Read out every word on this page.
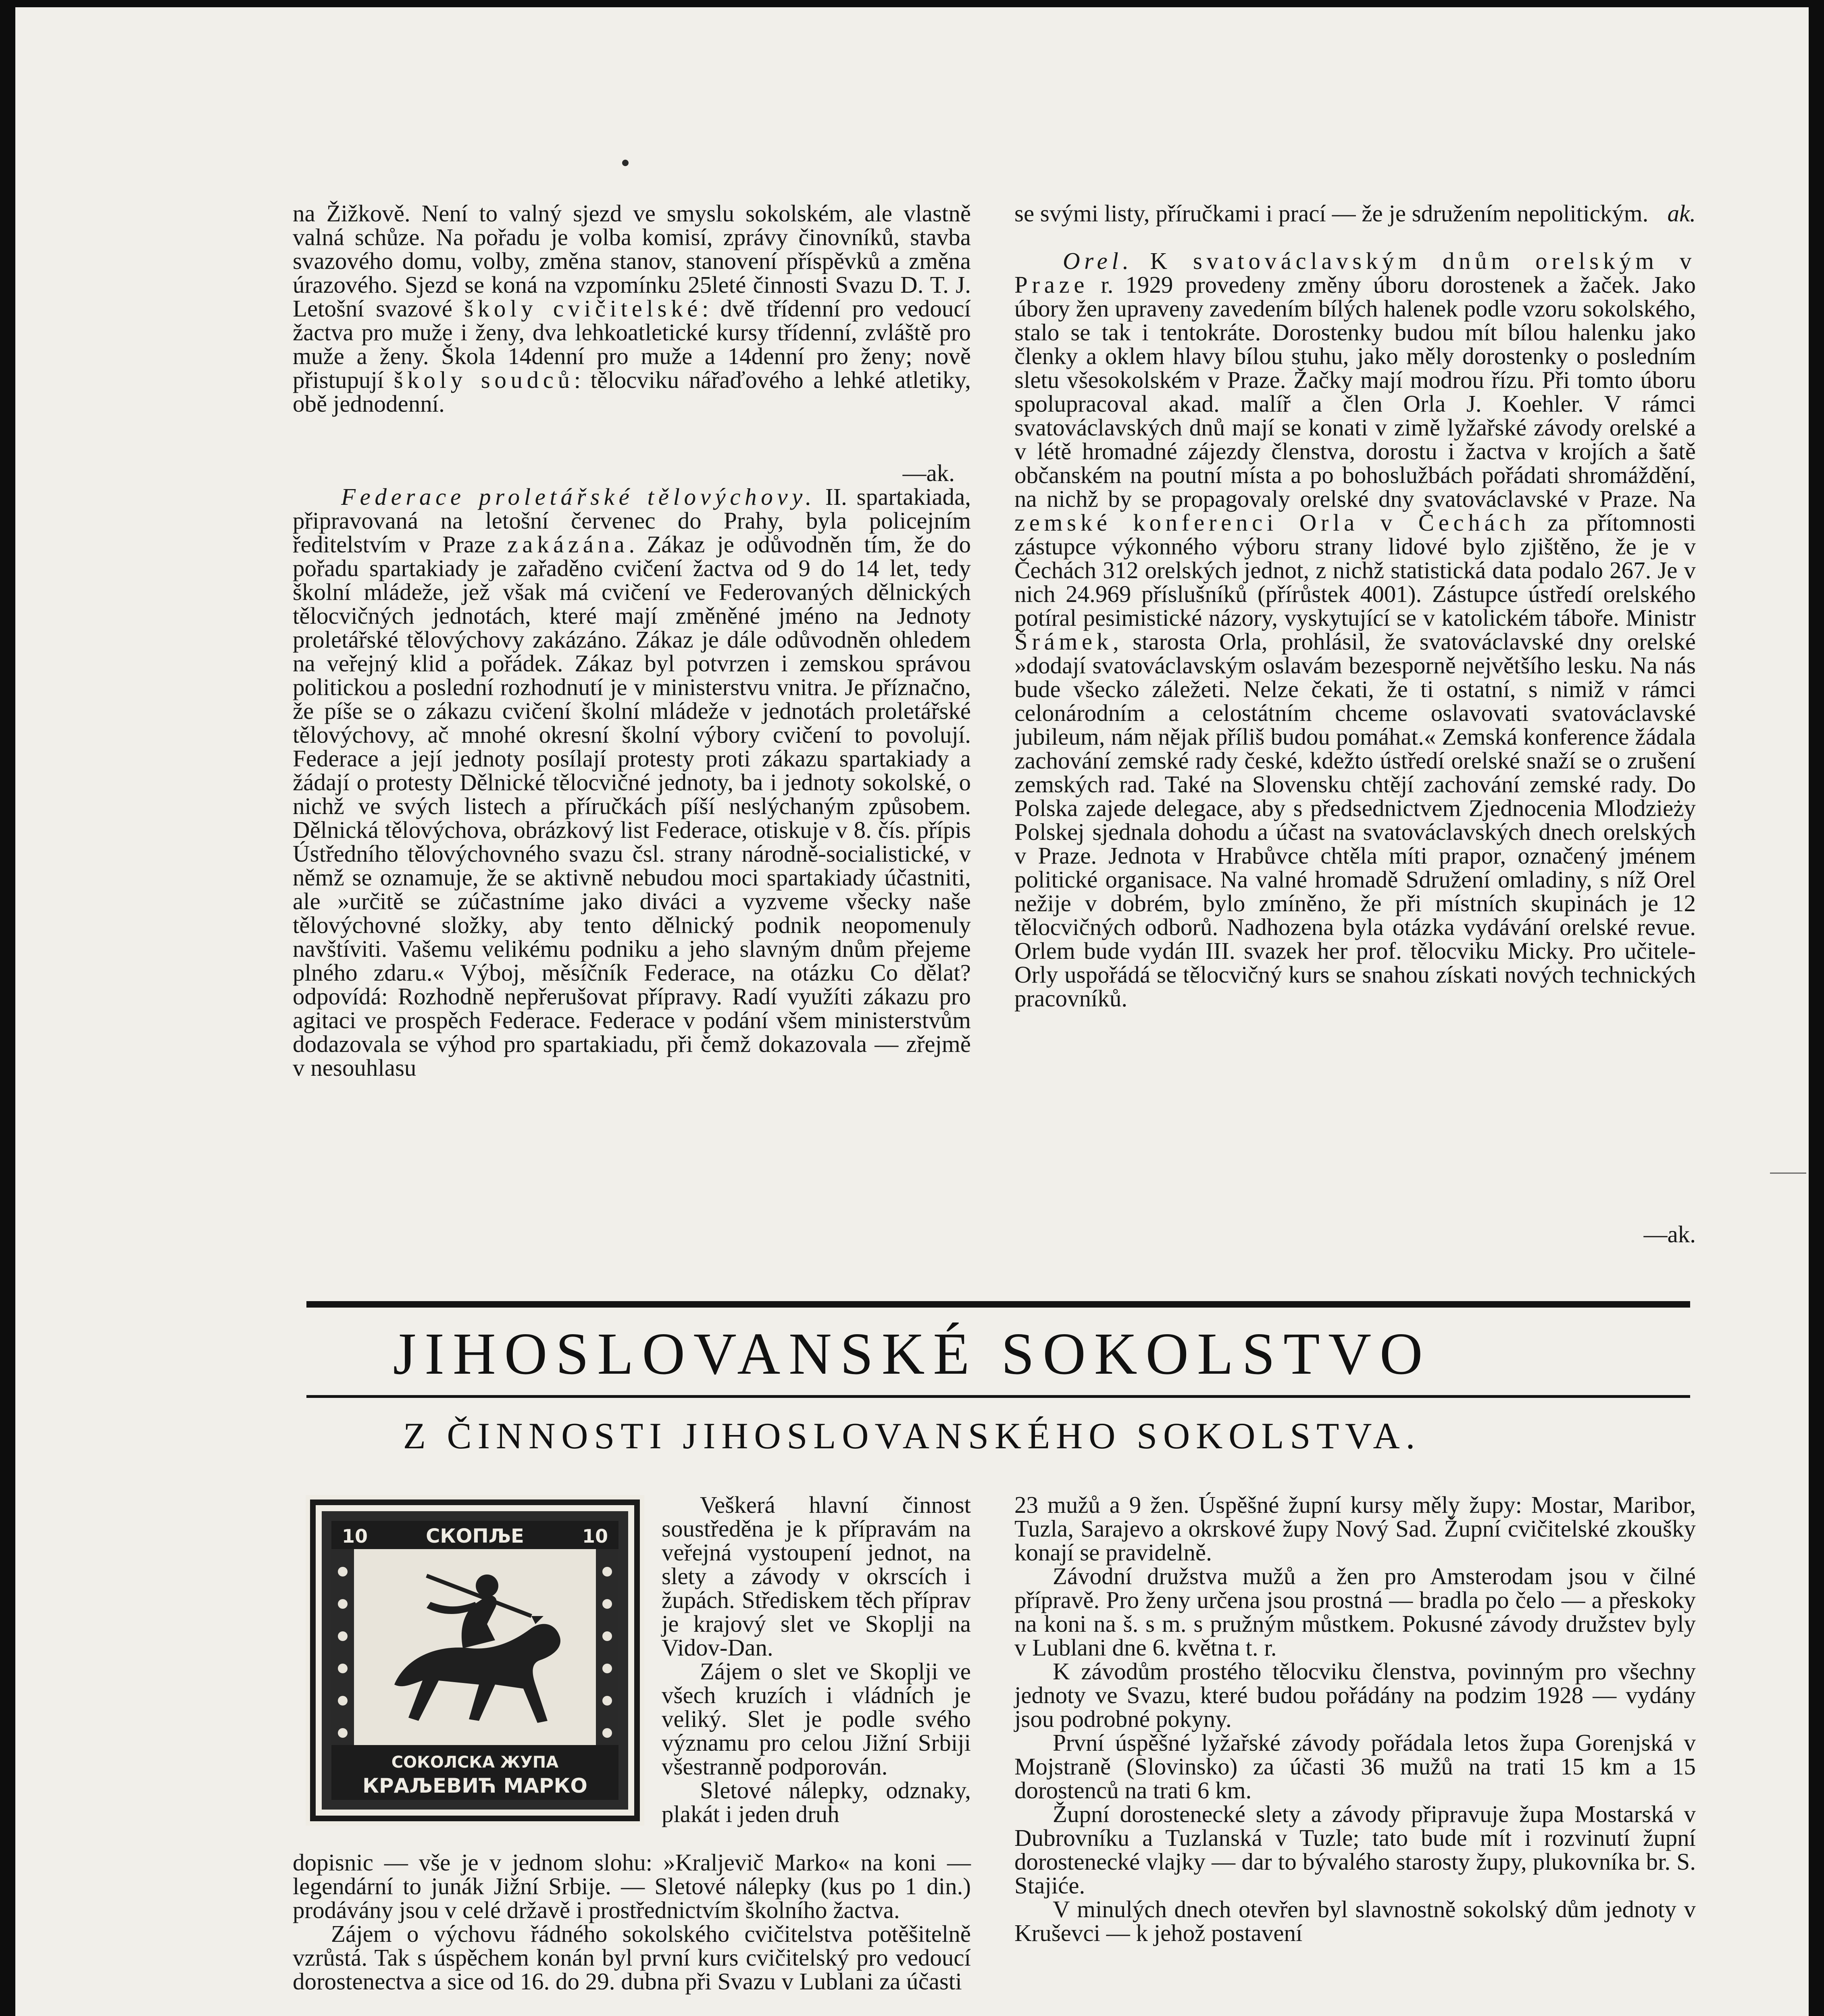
na Žižkově. Není to valný sjezd ve smyslu sokolském, ale vlastně valná schůze. Na pořadu je volba komisí, zprávy činovníků, stavba svazového domu, volby, změna stanov, stanovení příspěvků a změna úrazového. Sjezd se koná na vzpomínku 25leté činnosti Svazu D. T. J. Letošní svazové školy cvičitelské: dvě třídenní pro vedoucí žactva pro muže i ženy, dva lehkoatletické kursy třídenní, zvláště pro muže a ženy. Škola 14denní pro muže a 14denní pro ženy; nově přistupují školy soudců: tělocviku nářaďového a lehké atletiky, obě jednodenní.
—ak.
Federace proletářské tělovýchovy. II. spartakiada, připravovaná na letošní červenec do Prahy, byla policejním ředitelstvím v Praze zakázána. Zákaz je odůvodněn tím, že do pořadu spartakiady je zařaděno cvičení žactva od 9 do 14 let, tedy školní mládeže, jež však má cvičení ve Federovaných dělnických tělocvičných jednotách, které mají změněné jméno na Jednoty proletářské tělovýchovy zakázáno. Zákaz je dále odůvodněn ohledem na veřejný klid a pořádek. Zákaz byl potvrzen i zemskou správou politickou a poslední rozhodnutí je v ministerstvu vnitra. Je příznačno, že píše se o zákazu cvičení školní mládeže v jednotách proletářské tělovýchovy, ač mnohé okresní školní výbory cvičení to povolují. Federace a její jednoty posílají protesty proti zákazu spartakiady a žádají o protesty Dělnické tělocvičné jednoty, ba i jednoty sokolské, o nichž ve svých listech a příručkách píší neslýchaným způsobem. Dělnická tělovýchova, obrázkový list Federace, otiskuje v 8. čís. přípis Ústředního tělovýchovného svazu čsl. strany národně-socialistické, v němž se oznamuje, že se aktivně nebudou moci spartakiady účastniti, ale »určitě se zúčastníme jako diváci a vyzveme všecky naše tělovýchovné složky, aby tento dělnický podnik neopomenuly navštíviti. Vašemu velikému podniku a jeho slavným dnům přejeme plného zdaru.« Výboj, měsíčník Federace, na otázku Co dělat? odpovídá: Rozhodně nepřerušovat přípravy. Radí využíti zákazu pro agitaci ve prospěch Federace. Federace v podání všem ministerstvům dodazovala se výhod pro spartakiadu, při čemž dokazovala — zřejmě v nesouhlasu
se svými listy, příručkami i prací — že je sdružením nepolitickým. ak.
Orel. K svatováclavským dnům orelským v Praze r. 1929 provedeny změny úboru dorostenek a žaček. Jako úbory žen upraveny zavedením bílých halenek podle vzoru sokolského, stalo se tak i tentokráte. Dorostenky budou mít bílou halenku jako členky a oklem hlavy bílou stuhu, jako měly dorostenky o posledním sletu všesokolském v Praze. Žačky mají modrou řízu. Při tomto úboru spolupracoval akad. malíř a člen Orla J. Koehler. V rámci svatováclavských dnů mají se konati v zimě lyžařské závody orelské a v létě hromadné zájezdy členstva, dorostu i žactva v krojích a šatě občanském na poutní místa a po bohoslužbách pořádati shromáždění, na nichž by se propagovaly orelské dny svatováclavské v Praze. Na zemské konferenci Orla v Čechách za přítomnosti zástupce výkonného výboru strany lidové bylo zjištěno, že je v Čechách 312 orelských jednot, z nichž statistická data podalo 267. Je v nich 24.969 příslušníků (přírůstek 4001). Zástupce ústředí orelského potíral pesimistické názory, vyskytující se v katolickém táboře. Ministr Šrámek, starosta Orla, prohlásil, že svatováclavské dny orelské »dodají svatováclavským oslavám bezesporně největšího lesku. Na nás bude všecko záležeti. Nelze čekati, že ti ostatní, s nimiž v rámci celonárodním a celostátním chceme oslavovati svatováclavské jubileum, nám nějak příliš budou pomáhat.« Zemská konference žádala zachování zemské rady české, kdežto ústředí orelské snaží se o zrušení zemských rad. Také na Slovensku chtějí zachování zemské rady. Do Polska zajede delegace, aby s předsednictvem Zjednocenia Mlodzieży Polskej sjednala dohodu a účast na svatováclavských dnech orelských v Praze. Jednota v Hrabůvce chtěla míti prapor, označený jménem politické organisace. Na valné hromadě Sdružení omladiny, s níž Orel nežije v dobrém, bylo zmíněno, že při místních skupinách je 12 tělocvičných odborů. Nadhozena byla otázka vydávání orelské revue. Orlem bude vydán III. svazek her prof. tělocviku Micky. Pro učitele-Orly uspořádá se tělocvičný kurs se snahou získati nových technických pracovníků.
—ak.
JIHOSLOVANSKÉ SOKOLSTVO
Z ČINNOSTI JIHOSLOVANSKÉHO SOKOLSTVA.
СКОПЉЕ
10	10
СОКОЛСКА ЖУПА
КРАЉЕВИЋ МАРКО

Veškerá hlavní činnost soustředěna je k přípravám na veřejná vystoupení jednot, na slety a závody v okrscích i župách. Střediskem těch příprav je krajový slet ve Skoplji na Vidov-Dan.

Zájem o slet ve Skoplji ve všech kruzích i vládních je veliký. Slet je podle svého významu pro celou Jižní Srbiji všestranně podporován.

Sletové nálepky, odznaky, plakát i jeden druh

dopisnic — vše je v jednom slohu: »Kraljevič Marko« na koni — legendární to junák Jižní Srbije. — Sletové nálepky (kus po 1 din.) prodávány jsou v celé državě i prostřednictvím školního žactva.

Zájem o výchovu řádného sokolského cvičitelstva potěšitelně vzrůstá. Tak s úspěchem konán byl první kurs cvičitelský pro vedoucí dorostenectva a sice od 16. do 29. dubna při Svazu v Lublani za účasti

23 mužů a 9 žen. Úspěšné župní kursy měly župy: Mostar, Maribor, Tuzla, Sarajevo a okrskové župy Nový Sad. Župní cvičitelské zkoušky konají se pravidelně.

Závodní družstva mužů a žen pro Amsterodam jsou v čilné přípravě. Pro ženy určena jsou prostná — bradla po čelo — a přeskoky na koni na š. s m. s pružným můstkem. Pokusné závody družstev byly v Lublani dne 6. května t. r.

K závodům prostého tělocviku členstva, povinným pro všechny jednoty ve Svazu, které budou pořádány na podzim 1928 — vydány jsou podrobné pokyny.

První úspěšné lyžařské závody pořádala letos župa Gorenjská v Mojstraně (Slovinsko) za účasti 36 mužů na trati 15 km a 15 dorostenců na trati 6 km.

Župní dorostenecké slety a závody připravuje župa Mostarská v Dubrovníku a Tuzlanská v Tuzle; tato bude mít i rozvinutí župní dorostenecké vlajky — dar to bývalého starosty župy, plukovníka br. S. Stajiće.

V minulých dnech otevřen byl slavnostně sokolský dům jednoty v Kruševci — k jehož postavení
